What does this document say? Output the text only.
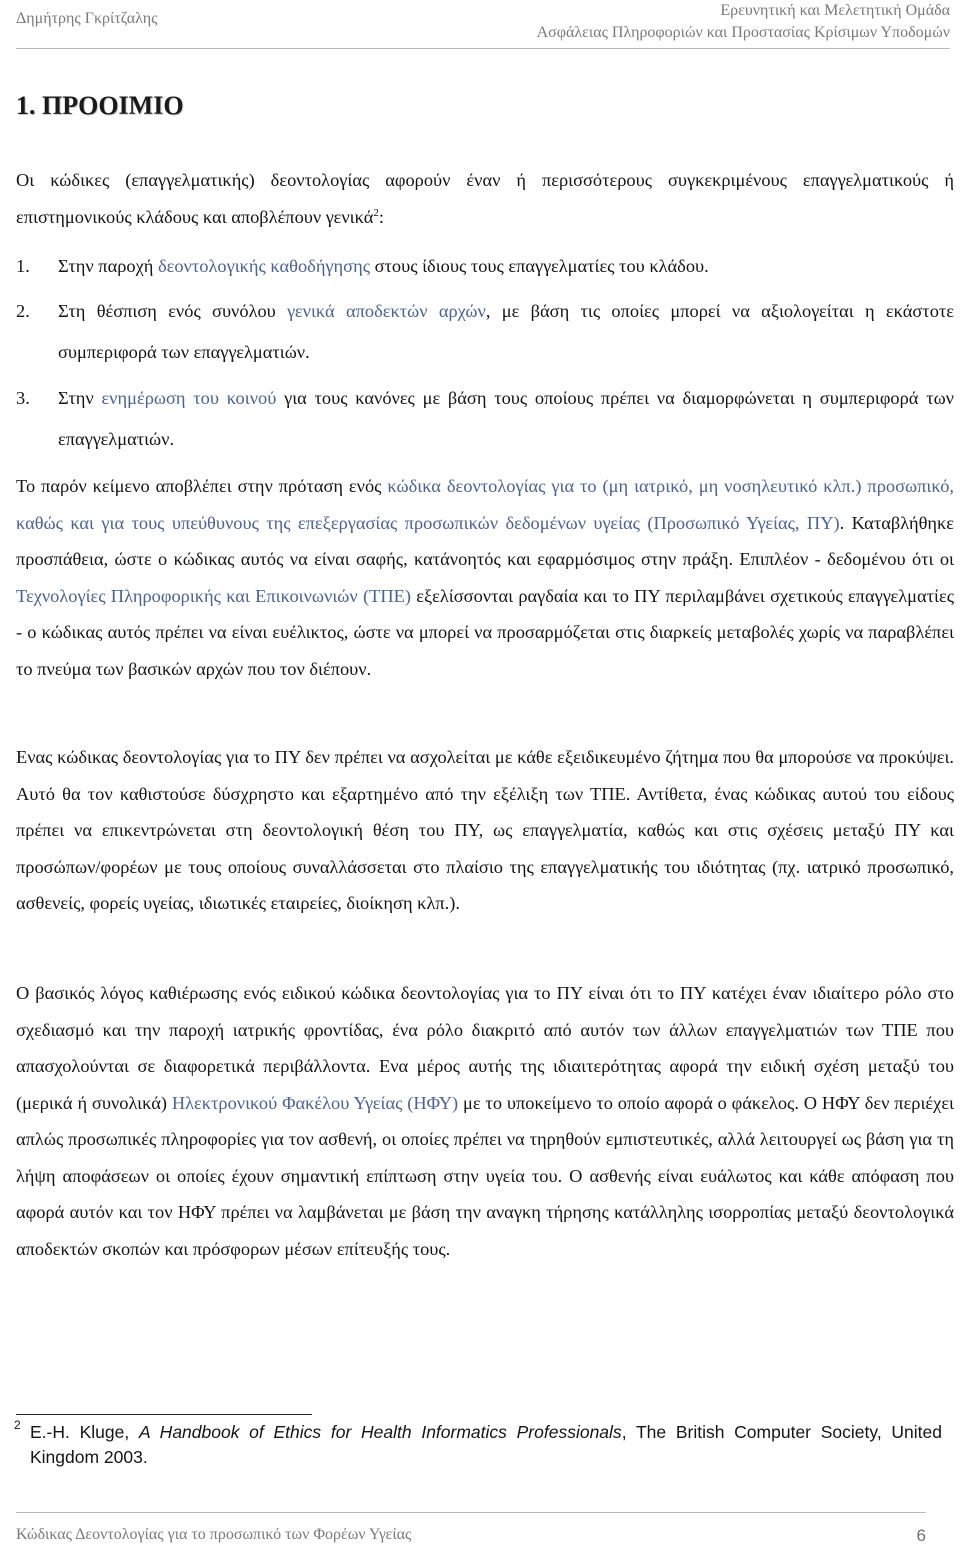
Δημήτρης Γκρίτζαλης	Ερευνητική και Μελετητική Ομάδα
Ασφάλειας Πληροφοριών και Προστασίας Κρίσιμων Υποδομών
1. ΠΡΟΟΙΜΙΟ

Οι κώδικες (επαγγελματικής) δεοντολογίας αφορούν έναν ή περισσότερους συγκεκριμένους επαγγελματικούς ή επιστημονικούς κλάδους και αποβλέπουν γενικά$^2$:

1. Στην παροχή δεοντολογικής καθοδήγησης στους ίδιους τους επαγγελματίες του κλάδου.
2. Στη θέσπιση ενός συνόλου γενικά αποδεκτών αρχών, με βάση τις οποίες μπορεί να αξιολογείται η εκάστοτε συμπεριφορά των επαγγελματιών.
3. Στην ενημέρωση του κοινού για τους κανόνες με βάση τους οποίους πρέπει να διαμορφώνεται η συμπεριφορά των επαγγελματιών.

Το παρόν κείμενο αποβλέπει στην πρόταση ενός κώδικα δεοντολογίας για το (μη ιατρικό, μη νοσηλευτικό κλπ.) προσωπικό, καθώς και για τους υπεύθυνους της επεξεργασίας προσωπικών δεδομένων υγείας (Προσωπικό Υγείας, ΠΥ). Καταβλήθηκε προσπάθεια, ώστε ο κώδικας αυτός να είναι σαφής, κατάνοητός και εφαρμόσιμος στην πράξη. Επιπλέον - δεδομένου ότι οι Τεχνολογίες Πληροφορικής και Επικοινωνιών (ΤΠΕ) εξελίσσονται ραγδαία και το ΠΥ περιλαμβάνει σχετικούς επαγγελματίες - ο κώδικας αυτός πρέπει να είναι ευέλικτος, ώστε να μπορεί να προσαρμόζεται στις διαρκείς μεταβολές χωρίς να παραβλέπει το πνεύμα των βασικών αρχών που τον διέπουν.

Ενας κώδικας δεοντολογίας για το ΠΥ δεν πρέπει να ασχολείται με κάθε εξειδικευμένο ζήτημα που θα μπορούσε να προκύψει. Αυτό θα τον καθιστούσε δύσχρηστο και εξαρτημένο από την εξέλιξη των ΤΠΕ. Αντίθετα, ένας κώδικας αυτού του είδους πρέπει να επικεντρώνεται στη δεοντολογική θέση του ΠΥ, ως επαγγελματία, καθώς και στις σχέσεις μεταξύ ΠΥ και προσώπων/φορέων με τους οποίους συναλλάσσεται στο πλαίσιο της επαγγελματικής του ιδιότητας (πχ. ιατρικό προσωπικό, ασθενείς, φορείς υγείας, ιδιωτικές εταιρείες, διοίκηση κλπ.).

Ο βασικός λόγος καθιέρωσης ενός ειδικού κώδικα δεοντολογίας για το ΠΥ είναι ότι το ΠΥ κατέχει έναν ιδιαίτερο ρόλο στο σχεδιασμό και την παροχή ιατρικής φροντίδας, ένα ρόλο διακριτό από αυτόν των άλλων επαγγελματιών των ΤΠΕ που απασχολούνται σε διαφορετικά περιβάλλοντα. Ενα μέρος αυτής της ιδιαιτερότητας αφορά την ειδική σχέση μεταξύ του (μερικά ή συνολικά) Ηλεκτρονικού Φακέλου Υγείας (ΗΦΥ) με το υποκείμενο το οποίο αφορά ο φάκελος. Ο ΗΦΥ δεν περιέχει απλώς προσωπικές πληροφορίες για τον ασθενή, οι οποίες πρέπει να τηρηθούν εμπιστευτικές, αλλά λειτουργεί ως βάση για τη λήψη αποφάσεων οι οποίες έχουν σημαντική επίπτωση στην υγεία του. Ο ασθενής είναι ευάλωτος και κάθε απόφαση που αφορά αυτόν και τον ΗΦΥ πρέπει να λαμβάνεται με βάση την αναγκη τήρησης κατάλληλης ισορροπίας μεταξύ δεοντολογικά αποδεκτών σκοπών και πρόσφορων μέσων επίτευξής τους.

2 E.-H. Kluge, A Handbook of Ethics for Health Informatics Professionals, The British Computer Society, United Kingdom 2003.
Κώδικας Δεοντολογίας για το προσωπικό των Φορέων Υγείας	6
